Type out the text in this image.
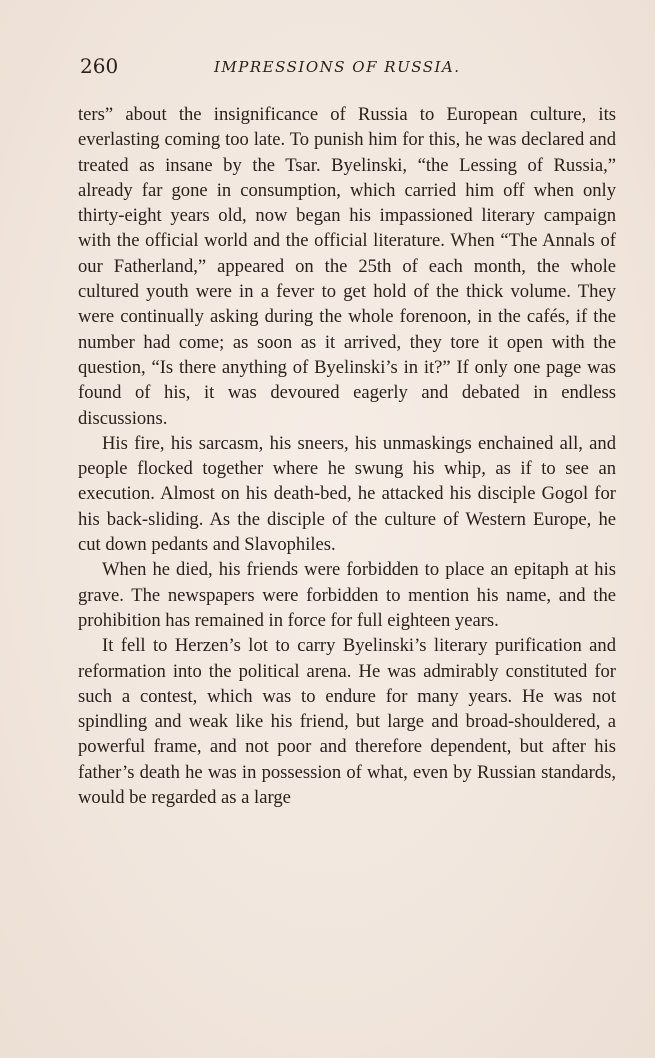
260	IMPRESSIONS OF RUSSIA.

ters” about the insignificance of Russia to European culture, its everlasting coming too late. To punish him for this, he was declared and treated as insane by the Tsar. Byelinski, “the Lessing of Russia,” already far gone in consumption, which carried him off when only thirty-eight years old, now began his impassioned literary campaign with the official world and the official literature. When “The Annals of our Fatherland,” appeared on the 25th of each month, the whole cultured youth were in a fever to get hold of the thick volume. They were continually asking during the whole forenoon, in the cafés, if the number had come; as soon as it arrived, they tore it open with the question, “Is there anything of Byelinski’s in it?” If only one page was found of his, it was devoured eagerly and debated in endless discussions.

His fire, his sarcasm, his sneers, his unmaskings enchained all, and people flocked together where he swung his whip, as if to see an execution. Almost on his death-bed, he attacked his disciple Gogol for his back-sliding. As the disciple of the culture of Western Europe, he cut down pedants and Slavophiles.

When he died, his friends were forbidden to place an epitaph at his grave. The newspapers were forbidden to mention his name, and the prohibition has remained in force for full eighteen years.

It fell to Herzen’s lot to carry Byelinski’s literary purification and reformation into the political arena. He was admirably constituted for such a contest, which was to endure for many years. He was not spindling and weak like his friend, but large and broad-shouldered, a powerful frame, and not poor and therefore dependent, but after his father’s death he was in possession of what, even by Russian standards, would be regarded as a large
